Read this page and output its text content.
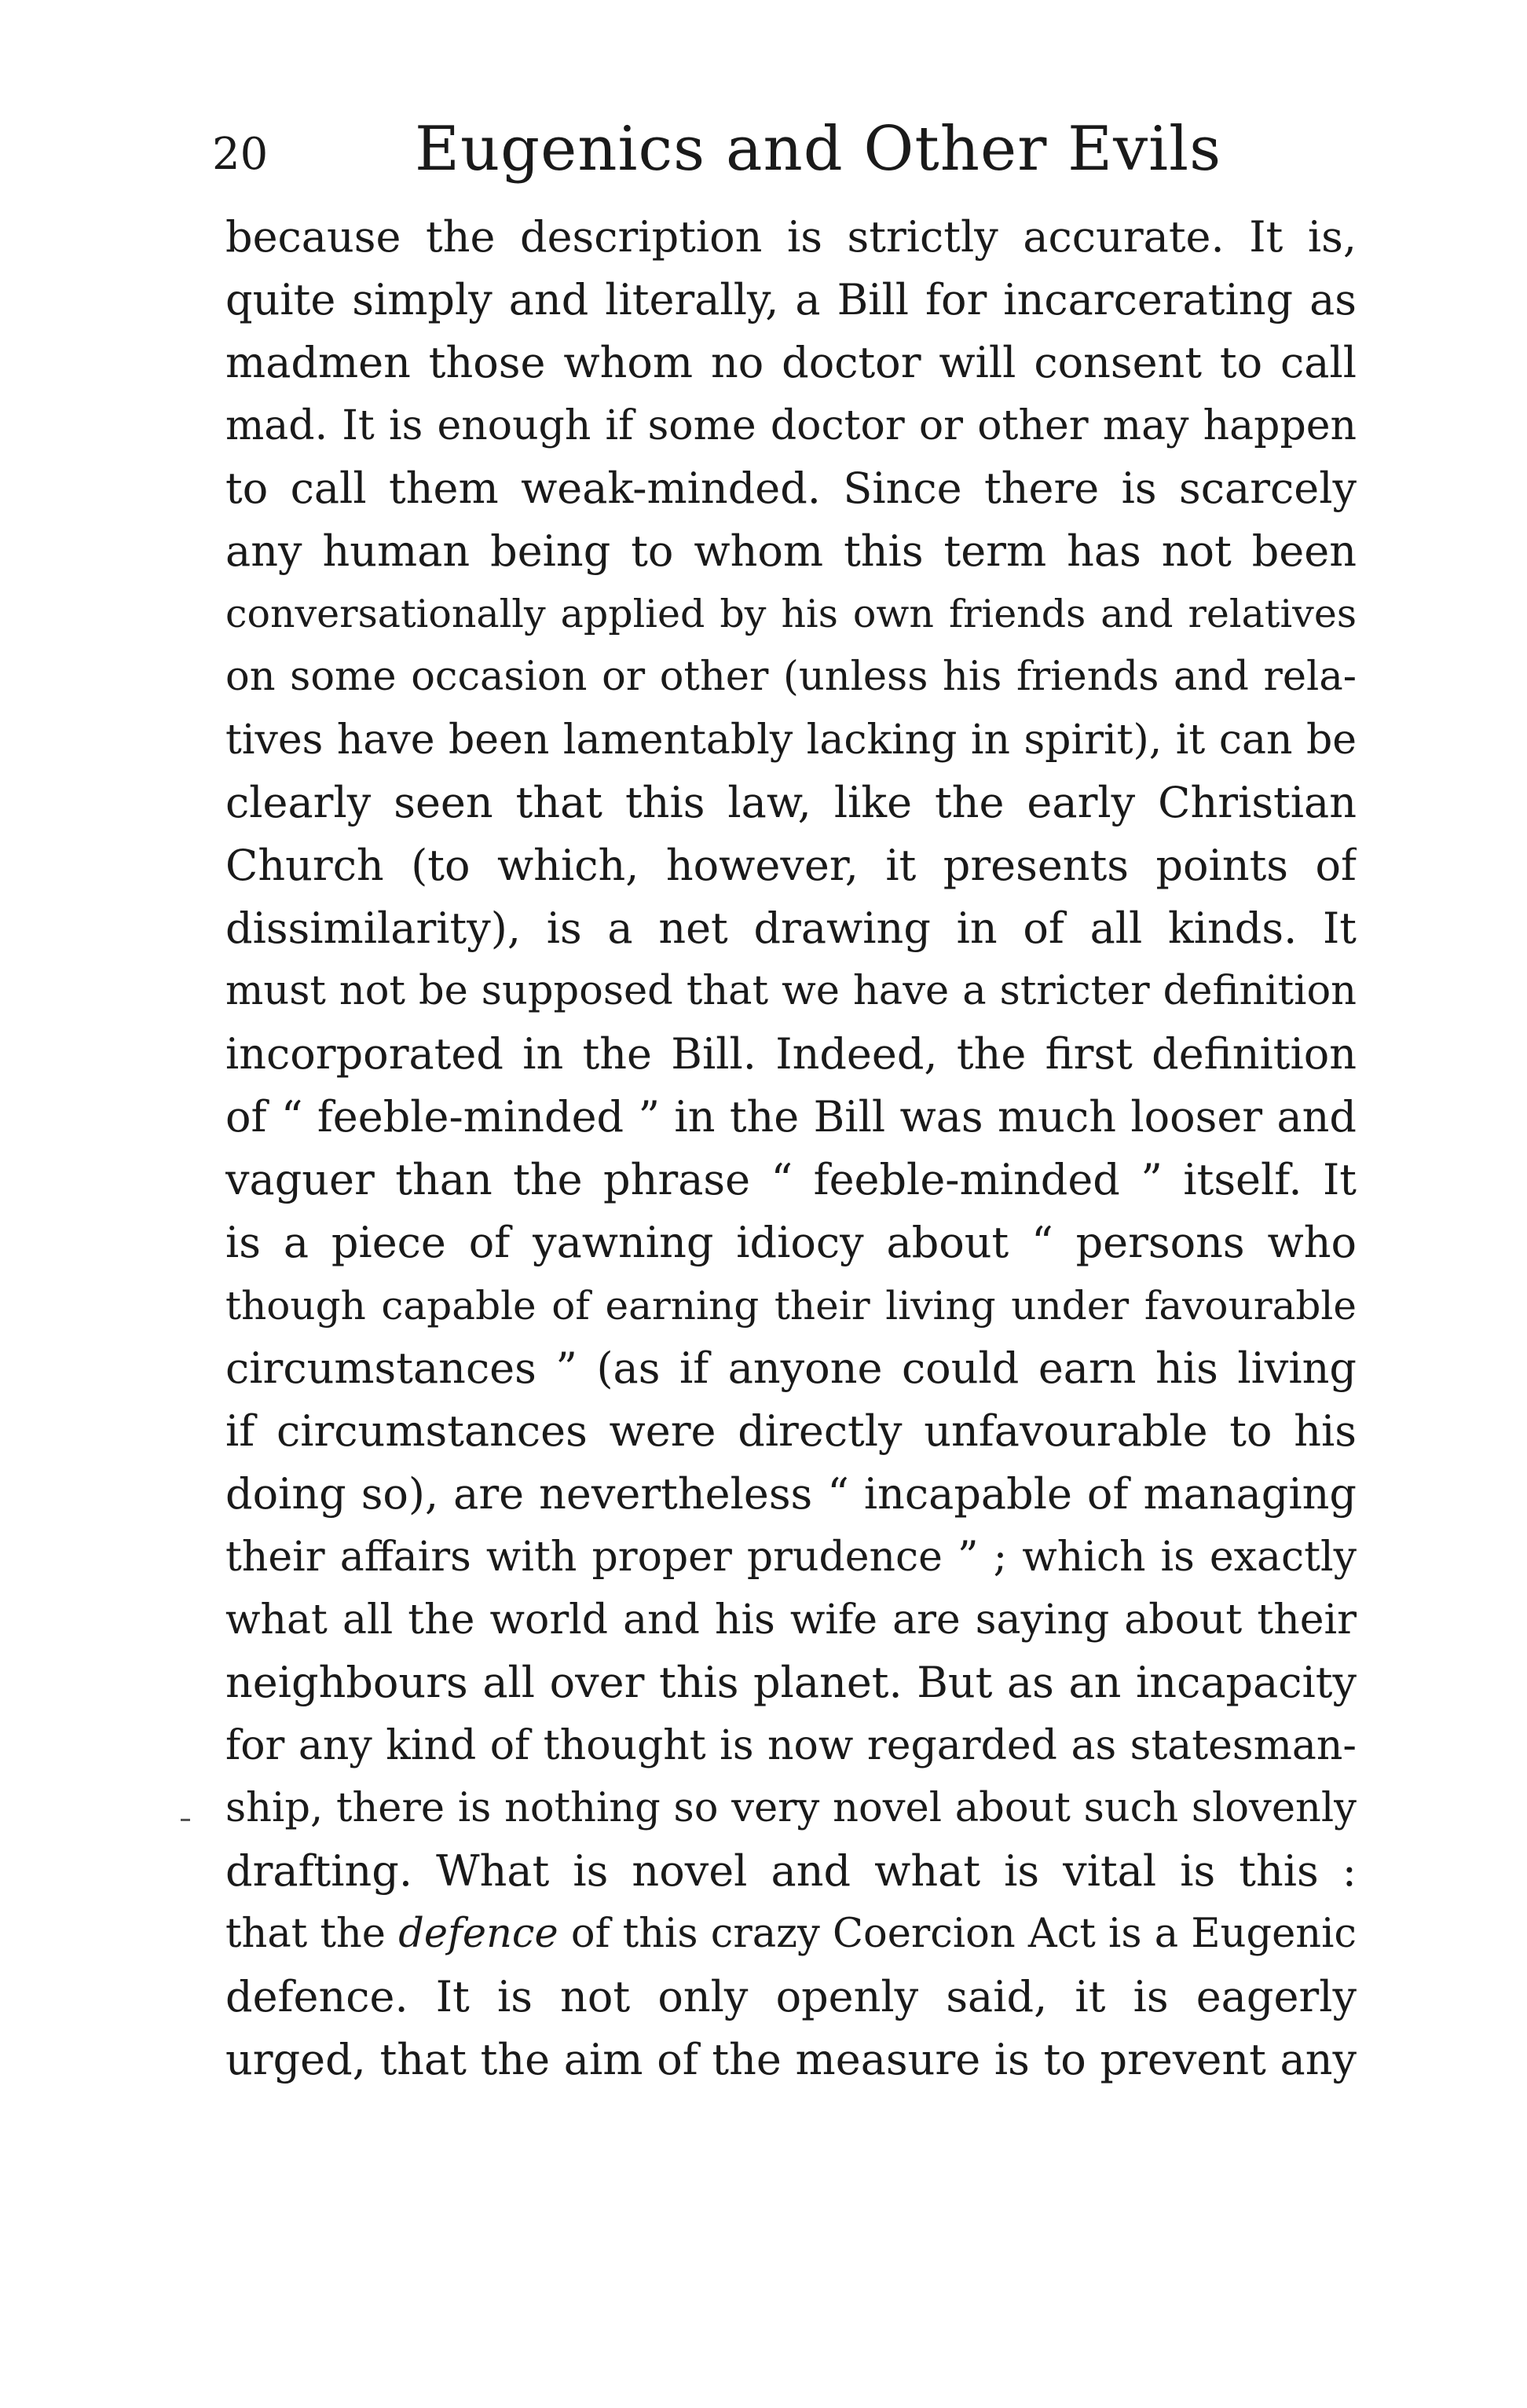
20 Eugenics and Other Evils
because the description is strictly accurate. It is,
quite simply and literally, a Bill for incarcerating as
madmen those whom no doctor will consent to call
mad. It is enough if some doctor or other may happen
to call them weak-minded. Since there is scarcely
any human being to whom this term has not been
conversationally applied by his own friends and relatives
on some occasion or other (unless his friends and rela-
tives have been lamentably lacking in spirit), it can be
clearly seen that this law, like the early Christian
Church (to which, however, it presents points of
dissimilarity), is a net drawing in of all kinds. It
must not be supposed that we have a stricter definition
incorporated in the Bill. Indeed, the first definition
of “ feeble-minded ” in the Bill was much looser and
vaguer than the phrase “ feeble-minded ” itself. It
is a piece of yawning idiocy about “ persons who
though capable of earning their living under favourable
circumstances ” (as if anyone could earn his living
if circumstances were directly unfavourable to his
doing so), are nevertheless “ incapable of managing
their affairs with proper prudence ” ; which is exactly
what all the world and his wife are saying about their
neighbours all over this planet. But as an incapacity
for any kind of thought is now regarded as statesman-
ship, there is nothing so very novel about such slovenly
drafting. What is novel and what is vital is this :
that the defence of this crazy Coercion Act is a Eugenic
defence. It is not only openly said, it is eagerly
urged, that the aim of the measure is to prevent any
